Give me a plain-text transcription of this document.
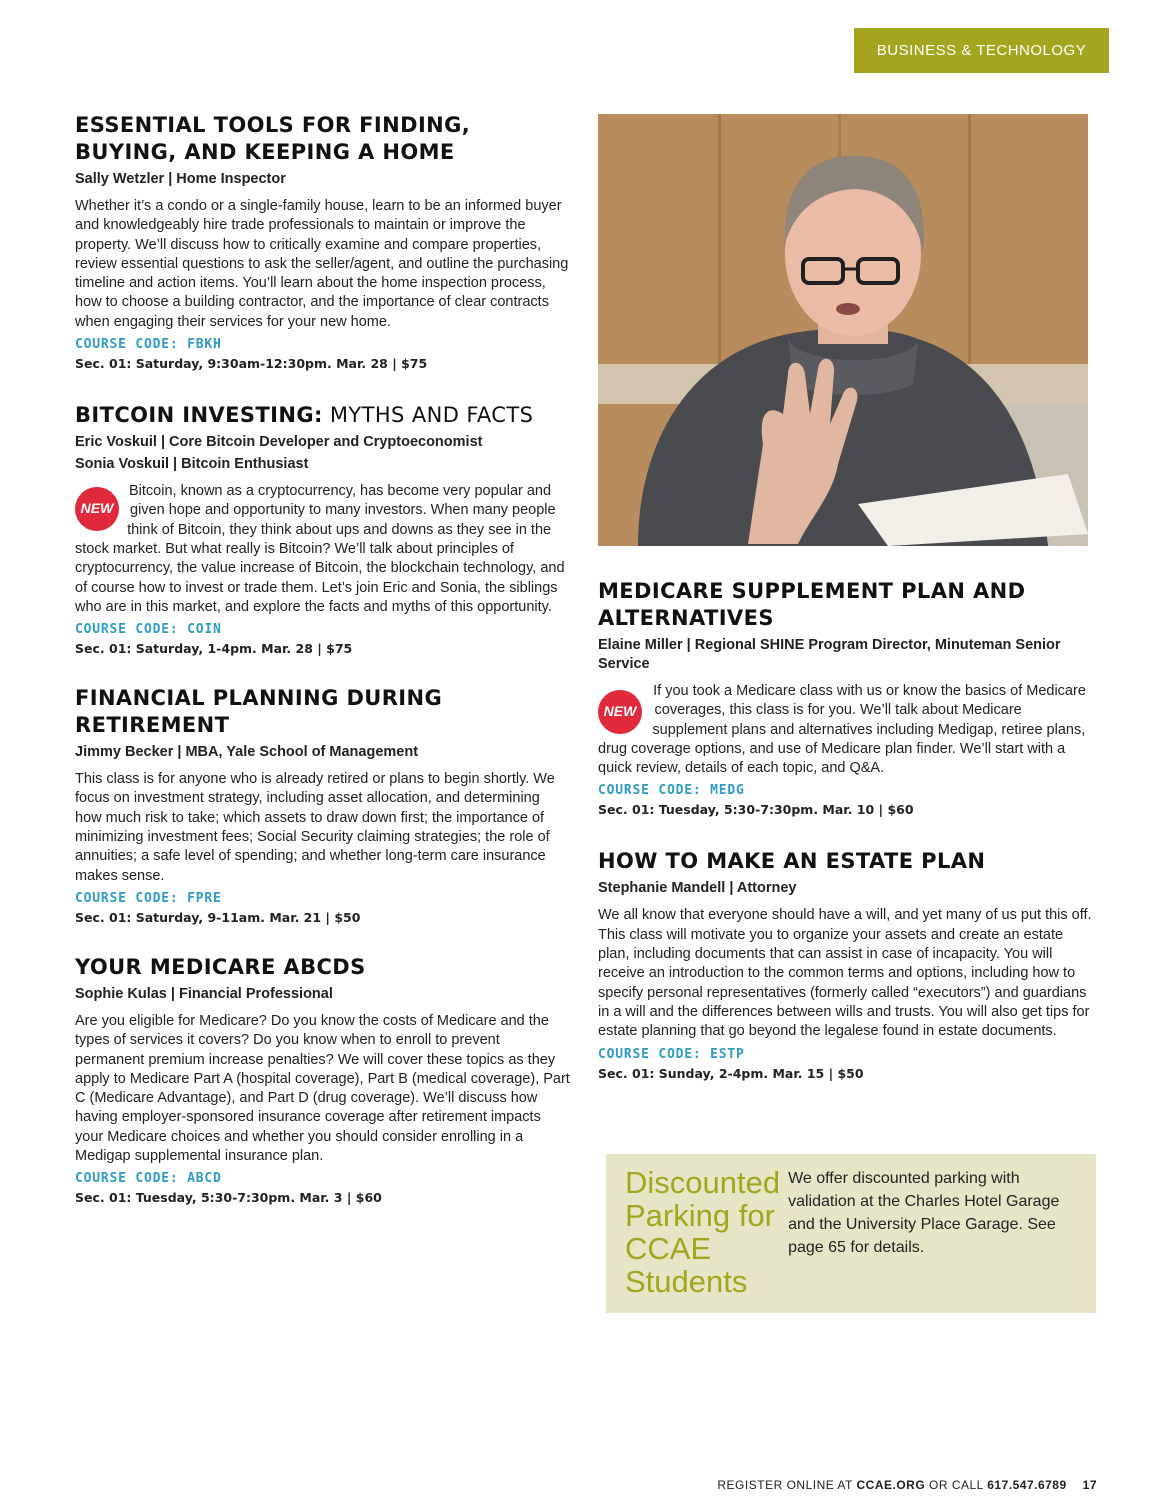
BUSINESS & TECHNOLOGY
ESSENTIAL TOOLS FOR FINDING, BUYING, AND KEEPING A HOME
Sally Wetzler | Home Inspector
Whether it’s a condo or a single-family house, learn to be an informed buyer and knowledgeably hire trade professionals to maintain or improve the property. We’ll discuss how to critically examine and compare properties, review essential questions to ask the seller/agent, and outline the purchasing timeline and action items. You’ll learn about the home inspection process, how to choose a building contractor, and the importance of clear contracts when engaging their services for your new home.
COURSE CODE: FBKH
Sec. 01: Saturday, 9:30am-12:30pm. Mar. 28 | $75
BITCOIN INVESTING: MYTHS AND FACTS
Eric Voskuil | Core Bitcoin Developer and Cryptoeconomist
Sonia Voskuil | Bitcoin Enthusiast
NEW
Bitcoin, known as a cryptocurrency, has become very popular and given hope and opportunity to many investors. When many people think of Bitcoin, they think about ups and downs as they see in the stock market. But what really is Bitcoin? We’ll talk about principles of cryptocurrency, the value increase of Bitcoin, the blockchain technology, and of course how to invest or trade them. Let’s join Eric and Sonia, the siblings who are in this market, and explore the facts and myths of this opportunity.
COURSE CODE: COIN
Sec. 01: Saturday, 1-4pm. Mar. 28 | $75
FINANCIAL PLANNING DURING RETIREMENT
Jimmy Becker | MBA, Yale School of Management
This class is for anyone who is already retired or plans to begin shortly. We focus on investment strategy, including asset allocation, and determining how much risk to take; which assets to draw down first; the importance of minimizing investment fees; Social Security claiming strategies; the role of annuities; a safe level of spending; and whether long-term care insurance makes sense.
COURSE CODE: FPRE
Sec. 01: Saturday, 9-11am. Mar. 21 | $50
YOUR MEDICARE ABCDS
Sophie Kulas | Financial Professional
Are you eligible for Medicare? Do you know the costs of Medicare and the types of services it covers? Do you know when to enroll to prevent permanent premium increase penalties? We will cover these topics as they apply to Medicare Part A (hospital coverage), Part B (medical coverage), Part C (Medicare Advantage), and Part D (drug coverage). We’ll discuss how having employer-sponsored insurance coverage after retirement impacts your Medicare choices and whether you should consider enrolling in a Medigap supplemental insurance plan.
COURSE CODE: ABCD
Sec. 01: Tuesday, 5:30-7:30pm. Mar. 3 | $60
MEDICARE SUPPLEMENT PLAN AND ALTERNATIVES
Elaine Miller | Regional SHINE Program Director, Minuteman Senior Service
NEW
If you took a Medicare class with us or know the basics of Medicare coverages, this class is for you. We’ll talk about Medicare supplement plans and alternatives including Medigap, retiree plans, drug coverage options, and use of Medicare plan finder. We’ll start with a quick review, details of each topic, and Q&A.
COURSE CODE: MEDG
Sec. 01: Tuesday, 5:30-7:30pm. Mar. 10 | $60
HOW TO MAKE AN ESTATE PLAN
Stephanie Mandell | Attorney
We all know that everyone should have a will, and yet many of us put this off. This class will motivate you to organize your assets and create an estate plan, including documents that can assist in case of incapacity. You will receive an introduction to the common terms and options, including how to specify personal representatives (formerly called “executors”) and guardians in a will and the differences between wills and trusts. You will also get tips for estate planning that go beyond the legalese found in estate documents.
COURSE CODE: ESTP
Sec. 01: Sunday, 2-4pm. Mar. 15 | $50
Discounted Parking for CCAE Students
We offer discounted parking with validation at the Charles Hotel Garage and the University Place Garage. See page 65 for details.
REGISTER ONLINE AT CCAE.ORG OR CALL 617.547.6789 17
